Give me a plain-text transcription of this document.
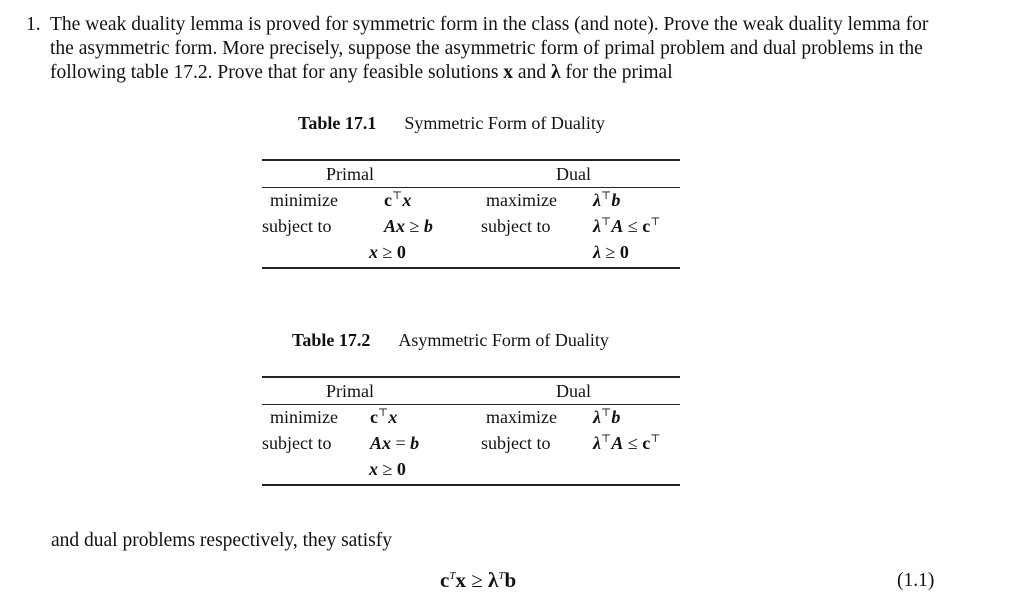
1. The weak duality lemma is proved for symmetric form in the class (and note). Prove the weak duality lemma for the asymmetric form. More precisely, suppose the asymmetric form of primal problem and dual problems in the following table 17.2. Prove that for any feasible solutions x and λ for the primal
Table 17.1 Symmetric Form of Duality
Primal	Dual
minimize	c⊤x	maximize λ⊤b
subject to	Ax ≥ b	subject to λ⊤A ≤ c⊤
x ≥ 0	λ ≥ 0
Table 17.2 Asymmetric Form of Duality
Primal	Dual
minimize c⊤x	maximize λ⊤b
subject to Ax = b	subject to λ⊤A ≤ c⊤
x ≥ 0
and dual problems respectively, they satisfy
$c^Tx \ge \lambda^Tb$	(1.1)
